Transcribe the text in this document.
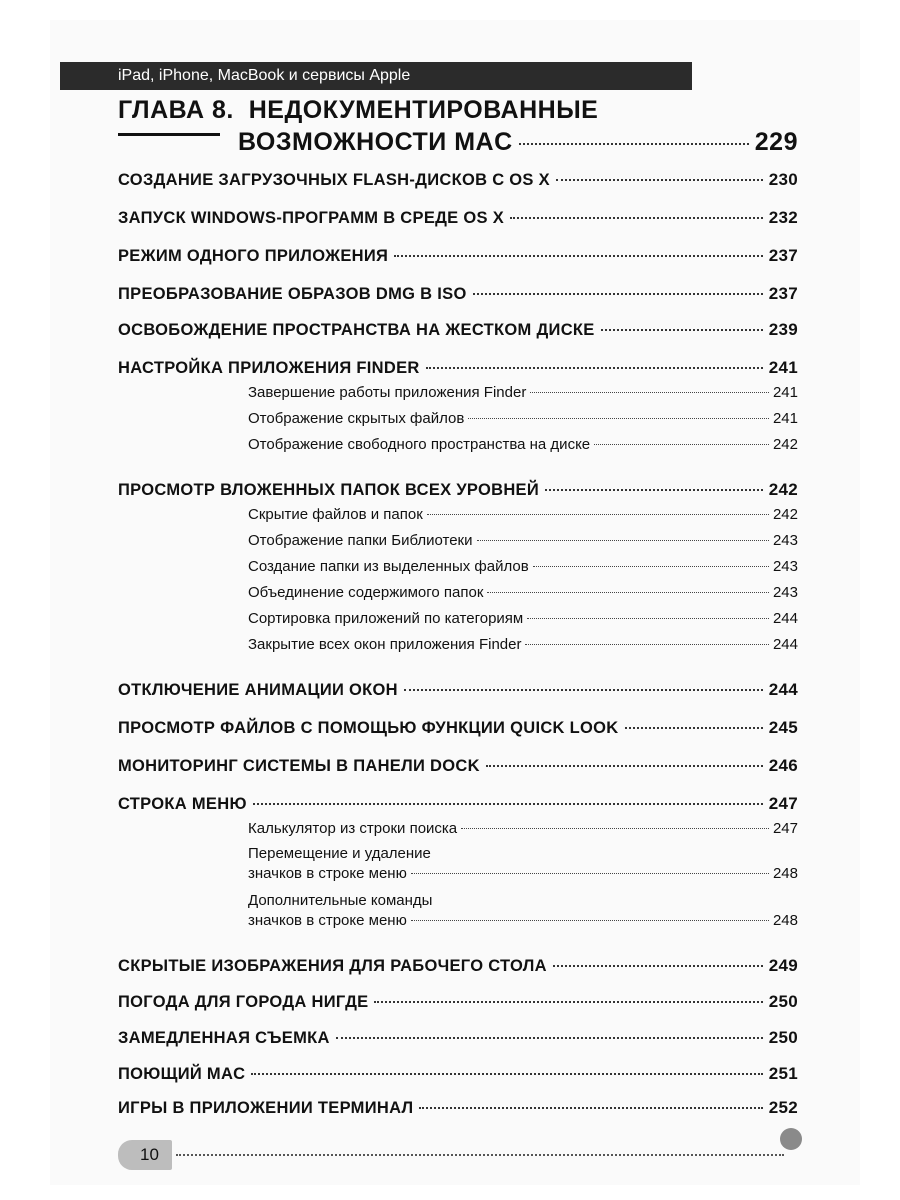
iPad, iPhone, MacBook и сервисы Apple
ГЛАВА 8. НЕДОКУМЕНТИРОВАННЫЕ
ВОЗМОЖНОСТИ MAC	229
СОЗДАНИЕ ЗАГРУЗОЧНЫХ FLASH-ДИСКОВ С OS X	230
ЗАПУСК WINDOWS-ПРОГРАММ В СРЕДЕ OS X	232
РЕЖИМ ОДНОГО ПРИЛОЖЕНИЯ	237
ПРЕОБРАЗОВАНИЕ ОБРАЗОВ DMG В ISO	237
ОСВОБОЖДЕНИЕ ПРОСТРАНСТВА НА ЖЕСТКОМ ДИСКЕ	239
НАСТРОЙКА ПРИЛОЖЕНИЯ FINDER	241
Завершение работы приложения Finder	241
Отображение скрытых файлов	241
Отображение свободного пространства на диске	242
ПРОСМОТР ВЛОЖЕННЫХ ПАПОК ВСЕХ УРОВНЕЙ	242
Скрытие файлов и папок	242
Отображение папки Библиотеки	243
Создание папки из выделенных файлов	243
Объединение содержимого папок	243
Сортировка приложений по категориям	244
Закрытие всех окон приложения Finder	244
ОТКЛЮЧЕНИЕ АНИМАЦИИ ОКОН	244
ПРОСМОТР ФАЙЛОВ С ПОМОЩЬЮ ФУНКЦИИ QUICK LOOK	245
МОНИТОРИНГ СИСТЕМЫ В ПАНЕЛИ DOCK	246
СТРОКА МЕНЮ	247
Калькулятор из строки поиска	247
Перемещение и удаление
значков в строке меню	248
Дополнительные команды
значков в строке меню	248
СКРЫТЫЕ ИЗОБРАЖЕНИЯ ДЛЯ РАБОЧЕГО СТОЛА	249
ПОГОДА ДЛЯ ГОРОДА НИГДЕ	250
ЗАМЕДЛЕННАЯ СЪЕМКА	250
ПОЮЩИЙ MAC	251
ИГРЫ В ПРИЛОЖЕНИИ ТЕРМИНАЛ	252
10
